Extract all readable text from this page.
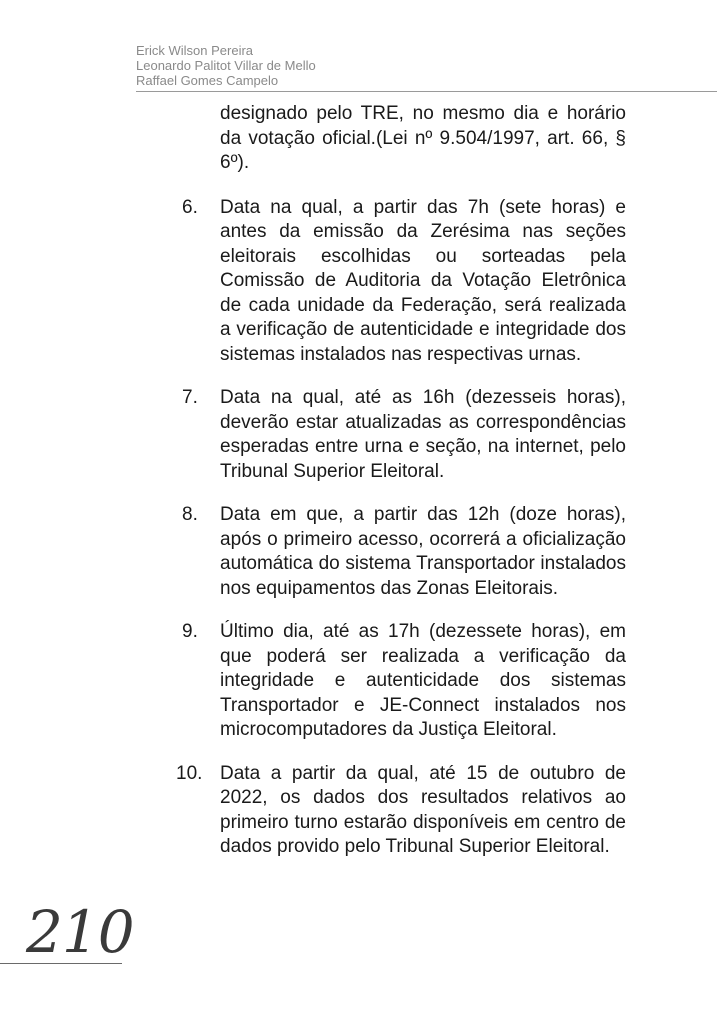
Erick Wilson Pereira
Leonardo Palitot Villar de Mello
Raffael Gomes Campelo
designado pelo TRE, no mesmo dia e horário da votação oficial.(Lei nº 9.504/1997, art. 66, § 6º).
6.	Data na qual, a partir das 7h (sete horas) e antes da emissão da Zerésima nas seções eleitorais escolhidas ou sorteadas pela Comissão de Auditoria da Votação Eletrônica de cada unidade da Federação, será realizada a verificação de autenticidade e integridade dos sistemas instalados nas respectivas urnas.
7.	Data na qual, até as 16h (dezesseis horas), deverão estar atualizadas as correspondências esperadas entre urna e seção, na internet, pelo Tribunal Superior Eleitoral.
8.	Data em que, a partir das 12h (doze horas), após o primeiro acesso, ocorrerá a oficialização automática do sistema Transportador instalados nos equipamentos das Zonas Eleitorais.
9.	Último dia, até as 17h (dezessete horas), em que poderá ser realizada a verificação da integridade e autenticidade dos sistemas Transportador e JE-Connect instalados nos microcomputadores da Justiça Eleitoral.
10. Data a partir da qual, até 15 de outubro de 2022, os dados dos resultados relativos ao primeiro turno estarão disponíveis em centro de dados provido pelo Tribunal Superior Eleitoral.
210
